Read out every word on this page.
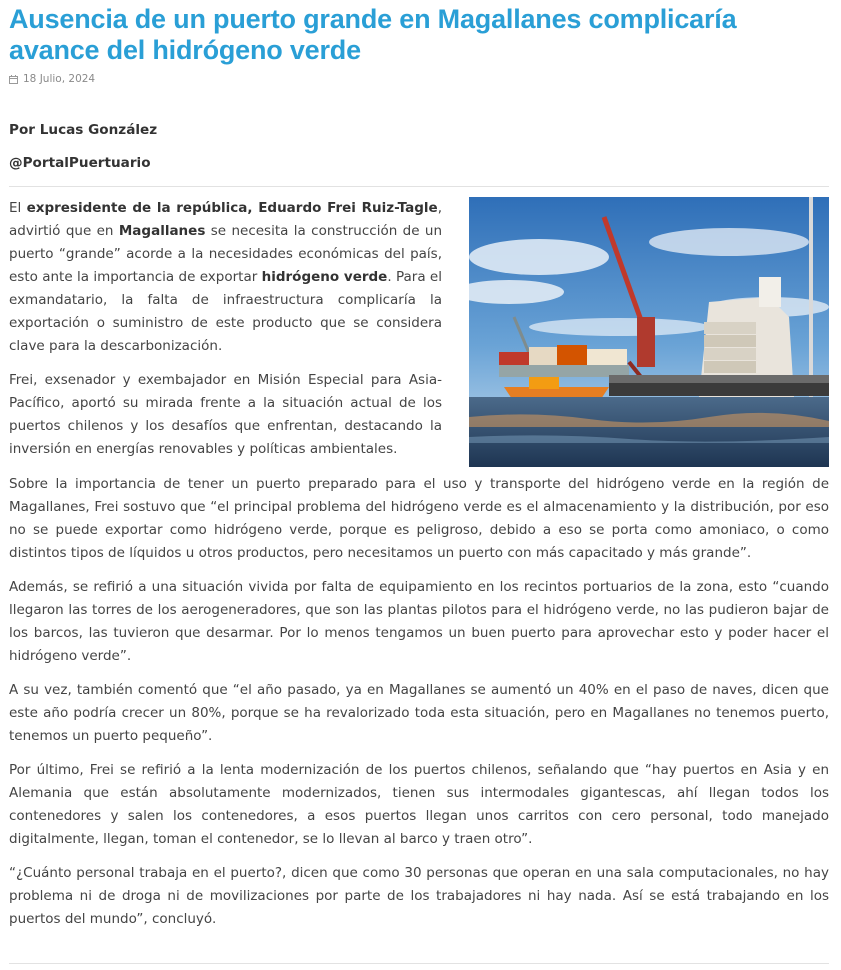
Ausencia de un puerto grande en Magallanes complicaría avance del hidrógeno verde
18 Julio, 2024
Por Lucas González
@PortalPuertuario

El expresidente de la república, Eduardo Frei Ruiz-Tagle, advirtió que en Magallanes se necesita la construcción de un puerto “grande” acorde a la necesidades económicas del país, esto ante la importancia de exportar hidrógeno verde. Para el exmandatario, la falta de infraestructura complicaría la exportación o suministro de este producto que se considera clave para la descarbonización.

Frei, exsenador y exembajador en Misión Especial para Asia-Pacífico, aportó su mirada frente a la situación actual de los puertos chilenos y los desafíos que enfrentan, destacando la inversión en energías renovables y políticas ambientales.

Sobre la importancia de tener un puerto preparado para el uso y transporte del hidrógeno verde en la región de Magallanes, Frei sostuvo que “el principal problema del hidrógeno verde es el almacenamiento y la distribución, por eso no se puede exportar como hidrógeno verde, porque es peligroso, debido a eso se porta como amoniaco, o como distintos tipos de líquidos u otros productos, pero necesitamos un puerto con más capacitado y más grande”.

Además, se refirió a una situación vivida por falta de equipamiento en los recintos portuarios de la zona, esto “cuando llegaron las torres de los aerogeneradores, que son las plantas pilotos para el hidrógeno verde, no las pudieron bajar de los barcos, las tuvieron que desarmar. Por lo menos tengamos un buen puerto para aprovechar esto y poder hacer el hidrógeno verde”.

A su vez, también comentó que “el año pasado, ya en Magallanes se aumentó un 40% en el paso de naves, dicen que este año podría crecer un 80%, porque se ha revalorizado toda esta situación, pero en Magallanes no tenemos puerto, tenemos un puerto pequeño”.

Por último, Frei se refirió a la lenta modernización de los puertos chilenos, señalando que “hay puertos en Asia y en Alemania que están absolutamente modernizados, tienen sus intermodales gigantescas, ahí llegan todos los contenedores y salen los contenedores, a esos puertos llegan unos carritos con cero personal, todo manejado digitalmente, llegan, toman el contenedor, se lo llevan al barco y traen otro”.

“¿Cuánto personal trabaja en el puerto?, dicen que como 30 personas que operan en una sala computacionales, no hay problema ni de droga ni de movilizaciones por parte de los trabajadores ni hay nada. Así se está trabajando en los puertos del mundo”, concluyó.
